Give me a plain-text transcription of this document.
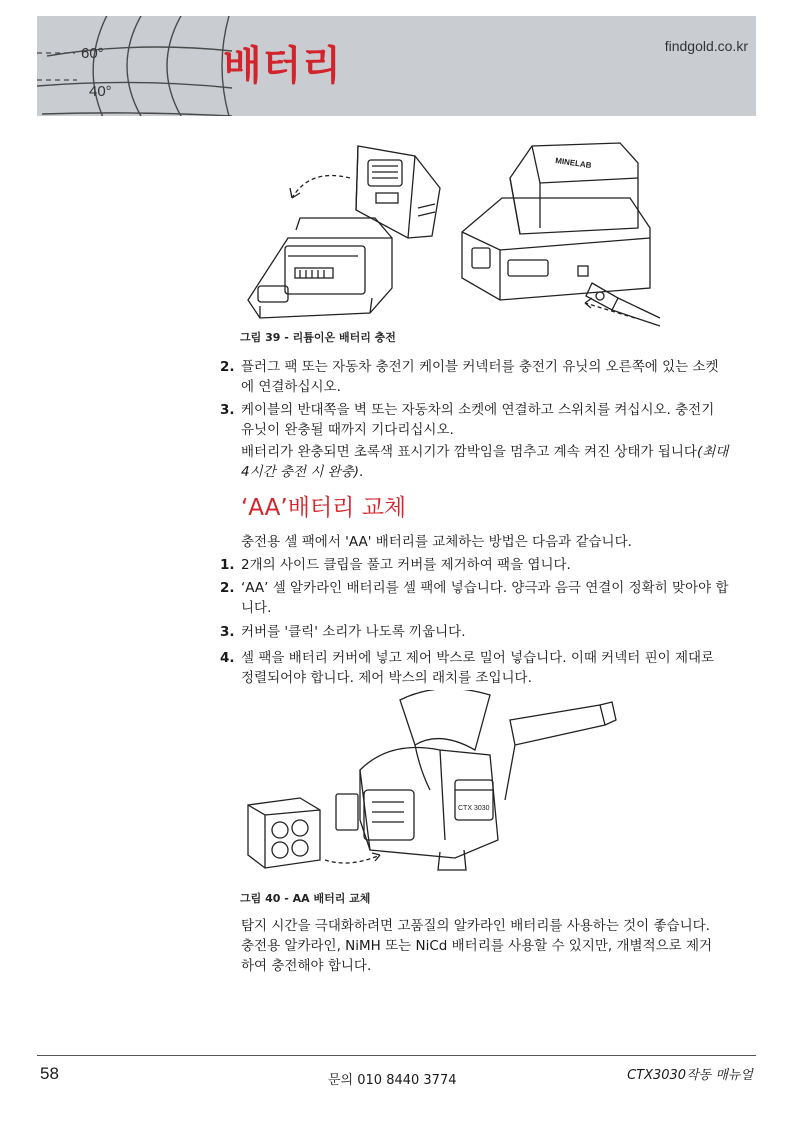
60°
40°
배터리	findgold.co.kr
MINELAB
그림 39 - 리튬이온 배터리 충전
2. 플러그 팩 또는 자동차 충전기 케이블 커넥터를 충전기 유닛의 오른쪽에 있는 소켓에 연결하십시오.
3. 케이블의 반대쪽을 벽 또는 자동차의 소켓에 연결하고 스위치를 켜십시오. 충전기 유닛이 완충될 때까지 기다리십시오.
배터리가 완충되면 초록색 표시기가 깜박임을 멈추고 계속 켜진 상태가 됩니다(최대 4시간 충전 시 완충).
‘AA’배터리 교체
충전용 셀 팩에서 'AA' 배터리를 교체하는 방법은 다음과 같습니다.
1. 2개의 사이드 클립을 풀고 커버를 제거하여 팩을 엽니다.
2. ‘AA’ 셀 알카라인 배터리를 셀 팩에 넣습니다. 양극과 음극 연결이 정확히 맞아야 합니다.
3. 커버를 '클릭' 소리가 나도록 끼웁니다.
4. 셀 팩을 배터리 커버에 넣고 제어 박스로 밀어 넣습니다. 이때 커넥터 핀이 제대로 정렬되어야 합니다. 제어 박스의 래치를 조입니다.
CTX 3030
그림 40 - AA 배터리 교체
탐지 시간을 극대화하려면 고품질의 알카라인 배터리를 사용하는 것이 좋습니다. 충전용 알카라인, NiMH 또는 NiCd 배터리를 사용할 수 있지만, 개별적으로 제거하여 충전해야 합니다.
58	문의 010 8440 3774	CTX3030작동 매뉴얼
